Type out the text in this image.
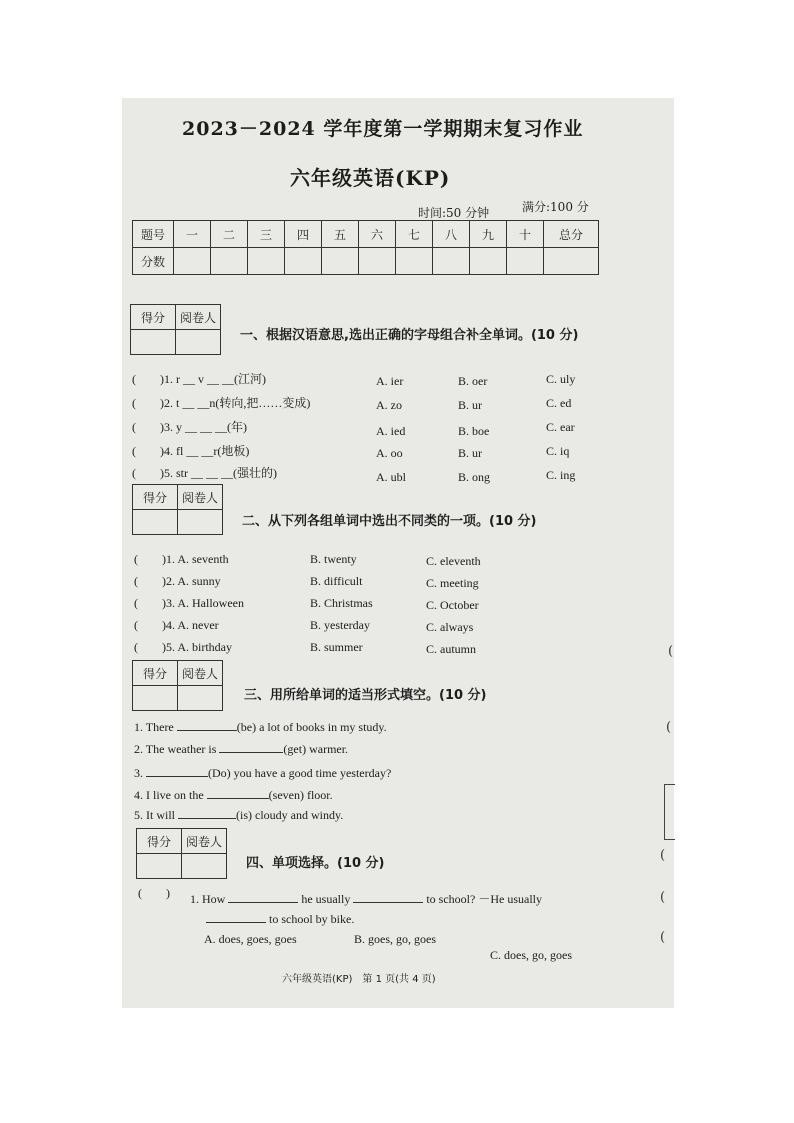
2023－2024 学年度第一学期期末复习作业
六年级英语(KP)
时间:50 分钟	满分:100 分
题号	一	二	三	四	五	六	七	八	九	十	总分
分数											
得分	阅卷人

一、根据汉语意思,选出正确的字母组合补全单词。(10 分)
(　　)1. r __ v __ __(江河)	A. ier	B. oer	C. uly
(　　)2. t __ __n(转向,把……变成)	A. zo	B. ur	C. ed
(　　)3. y __ __ __(年)	A. ied	B. boe	C. ear
(　　)4. fl __ __r(地板)	A. oo	B. ur	C. iq
(　　)5. str __ __ __(强壮的)	A. ubl	B. ong	C. ing
得分	阅卷人

二、从下列各组单词中选出不同类的一项。(10 分)
(　　)1. A. seventh	B. twenty	C. eleventh
(　　)2. A. sunny	B. difficult	C. meeting
(　　)3. A. Halloween	B. Christmas	C. October
(　　)4. A. never	B. yesterday	C. always
(　　)5. A. birthday	B. summer	C. autumn
得分	阅卷人

三、用所给单词的适当形式填空。(10 分)
1. There	(be) a lot of books in my study.
2. The weather is	(get) warmer.
3.	(Do) you have a good time yesterday?
4. I live on the	(seven) floor.
5. It will	(is) cloudy and windy.
得分	阅卷人

四、单项选择。(10 分)
(　　) 1. How	he usually	to school? －He usually
to school by bike.
A. does, goes, goes	B. goes, go, goes
C. does, go, goes
六年级英语(KP)　第 1 页(共 4 页)
(
(
(
(
(
